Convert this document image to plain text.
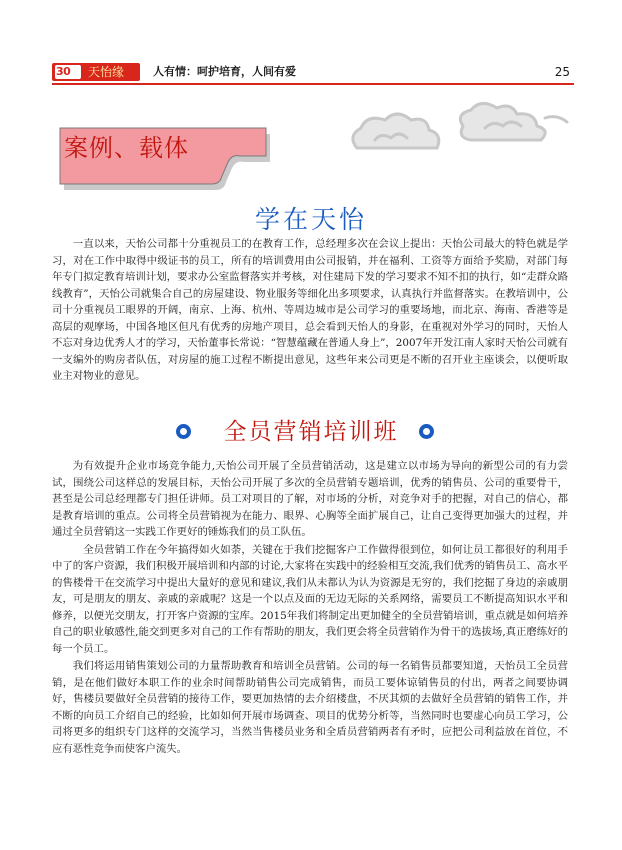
30 天怡缘	人有情：呵护培育，人间有爱	25
案例、载体
学在天怡

一直以来，天怡公司都十分重视员工的在教育工作，总经理多次在会议上提出：天怡公司最大的特色就是学习，对在工作中取得中级证书的员工，所有的培训费用由公司报销，并在福利、工资等方面给予奖励，对部门每年专门拟定教育培训计划，要求办公室监督落实并考核，对住建局下发的学习要求不知不扣的执行，如“走群众路线教育”，天怡公司就集合自己的房屋建设、物业服务等细化出多项要求，认真执行并监督落实。在教培训中，公司十分重视员工眼界的开阔，南京、上海、杭州、等周边城市是公司学习的重要场地，而北京、海南、香港等是高层的观摩场，中国各地区但凡有优秀的房地产项目，总会看到天怡人的身影，在重视对外学习的同时，天怡人不忘对身边优秀人才的学习，天怡董事长常说：“智慧蕴藏在普通人身上”，2007年开发江南人家时天怡公司就有一支编外的购房者队伍，对房屋的施工过程不断提出意见，这些年来公司更是不断的召开业主座谈会，以便听取业主对物业的意见。

全员营销培训班

为有效提升企业市场竞争能力,天怡公司开展了全员营销活动，这是建立以市场为导向的新型公司的有力尝试，围绕公司这样总的发展目标，天怡公司开展了多次的全员营销专题培训，优秀的销售员、公司的重要骨干，甚至是公司总经理都专门担任讲师。员工对项目的了解，对市场的分析，对竞争对手的把握，对自己的信心，都是教育培训的重点。公司将全员营销视为在能力、眼界、心胸等全面扩展自己，让自己变得更加强大的过程，并通过全员营销这一实践工作更好的锤炼我们的员工队伍。

全员营销工作在今年搞得如火如荼，关键在于我们挖掘客户工作做得很到位，如何让员工都很好的利用手中了的客户资源，我们积极开展培训和内部的讨论,大家将在实践中的经验相互交流,我们优秀的销售员工、高水平的售楼骨干在交流学习中提出大量好的意见和建议,我们从未都认为认为资源是无穷的，我们挖掘了身边的亲戚朋友，可是朋友的朋友、亲戚的亲戚呢？这是一个以点及面的无边无际的关系网络，需要员工不断提高知识水平和修养，以便光交朋友，打开客户资源的宝库。2015年我们将制定出更加健全的全员营销培训，重点就是如何培养自己的职业敏感性,能交到更多对自己的工作有帮助的朋友，我们更会将全员营销作为骨干的选拔场,真正磨练好的每一个员工。

我们将运用销售策划公司的力量帮助教育和培训全员营销。公司的每一名销售员都要知道，天怡员工全员营销，是在他们做好本职工作的业余时间帮助销售公司完成销售，而员工要体谅销售员的付出，两者之间要协调好，售楼员要做好全员营销的接待工作，要更加热情的去介绍楼盘，不厌其烦的去做好全员营销的销售工作，并不断的向员工介绍自己的经验，比如如何开展市场调查、项目的优势分析等，当然同时也要虚心向员工学习，公司将更多的组织专门这样的交流学习，当然当售楼员业务和全盾员营销两者有矛时，应把公司利益放在首位，不应有恶性竞争而使客户流失。
